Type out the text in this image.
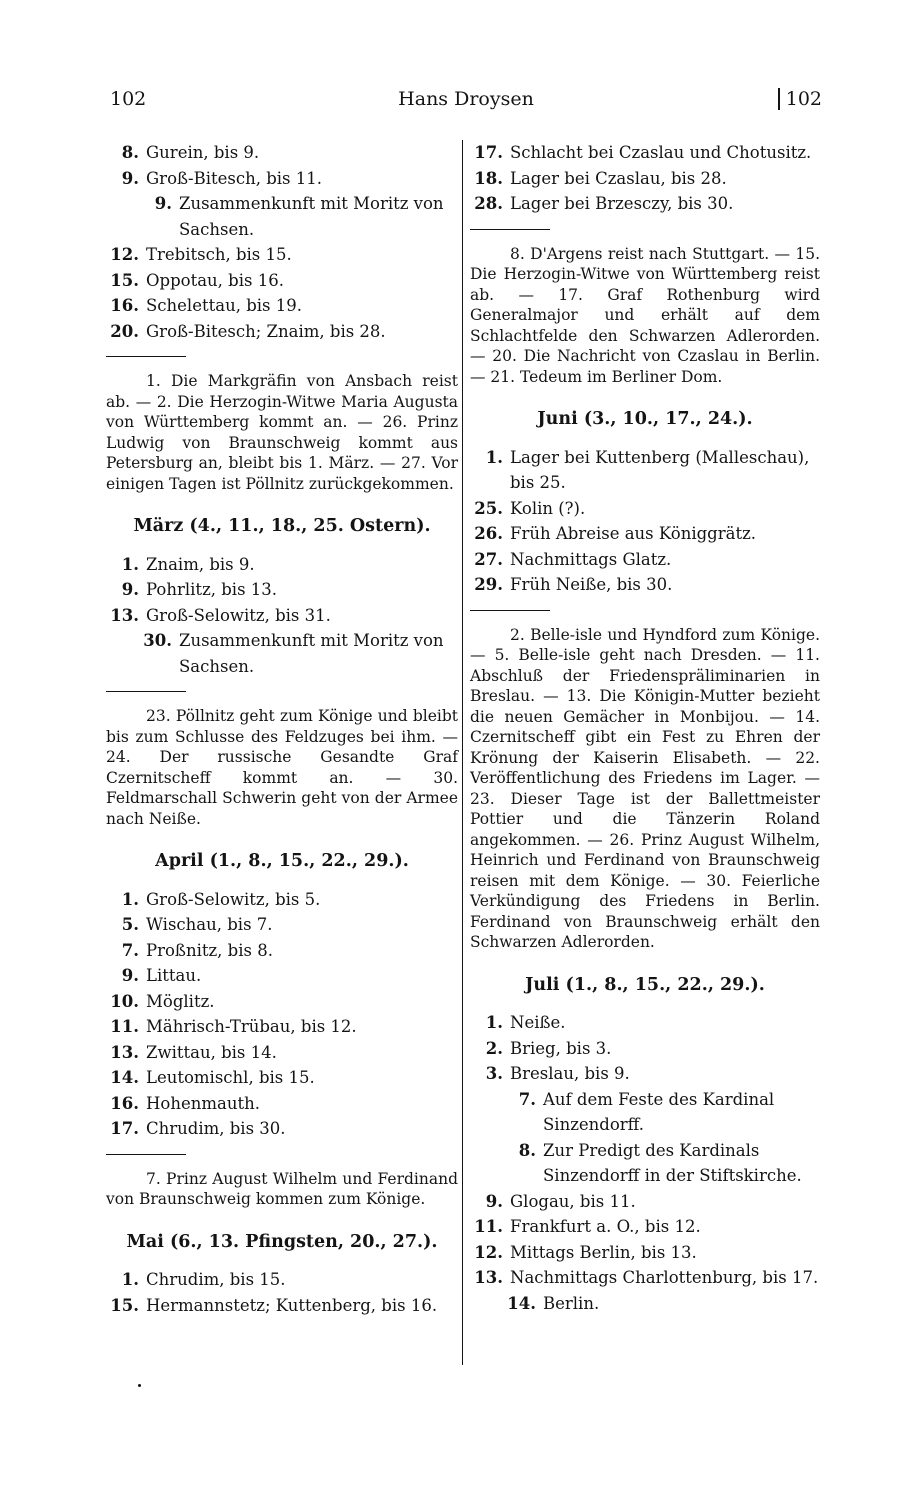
102	Hans Droysen	102
8. Gurein, bis 9.
9. Groß-Bitesch, bis 11.
9. Zusammenkunft mit Moritz von Sachsen.
12. Trebitsch, bis 15.
15. Oppotau, bis 16.
16. Schelettau, bis 19.
20. Groß-Bitesch; Znaim, bis 28.
1. Die Markgräfin von Ansbach reist ab. — 2. Die Herzogin-Witwe Maria Augusta von Württemberg kommt an. — 26. Prinz Ludwig von Braunschweig kommt aus Petersburg an, bleibt bis 1. März. — 27. Vor einigen Tagen ist Pöllnitz zurückgekommen.
März (4., 11., 18., 25. Ostern).
1. Znaim, bis 9.
9. Pohrlitz, bis 13.
13. Groß-Selowitz, bis 31.
30. Zusammenkunft mit Moritz von Sachsen.
23. Pöllnitz geht zum Könige und bleibt bis zum Schlusse des Feldzuges bei ihm. — 24. Der russische Gesandte Graf Czernitscheff kommt an. — 30. Feldmarschall Schwerin geht von der Armee nach Neiße.
April (1., 8., 15., 22., 29.).
1. Groß-Selowitz, bis 5.
5. Wischau, bis 7.
7. Proßnitz, bis 8.
9. Littau.
10. Möglitz.
11. Mährisch-Trübau, bis 12.
13. Zwittau, bis 14.
14. Leutomischl, bis 15.
16. Hohenmauth.
17. Chrudim, bis 30.
7. Prinz August Wilhelm und Ferdinand von Braunschweig kommen zum Könige.
Mai (6., 13. Pfingsten, 20., 27.).
1. Chrudim, bis 15.
15. Hermannstetz; Kuttenberg, bis 16.
17. Schlacht bei Czaslau und Chotusitz.
18. Lager bei Czaslau, bis 28.
28. Lager bei Brzesczy, bis 30.
8. D'Argens reist nach Stuttgart. — 15. Die Herzogin-Witwe von Württemberg reist ab. — 17. Graf Rothenburg wird Generalmajor und erhält auf dem Schlachtfelde den Schwarzen Adlerorden. — 20. Die Nachricht von Czaslau in Berlin. — 21. Tedeum im Berliner Dom.
Juni (3., 10., 17., 24.).
1. Lager bei Kuttenberg (Malleschau), bis 25.
25. Kolin (?).
26. Früh Abreise aus Königgrätz.
27. Nachmittags Glatz.
29. Früh Neiße, bis 30.
2. Belle-isle und Hyndford zum Könige. — 5. Belle-isle geht nach Dresden. — 11. Abschluß der Friedenspräliminarien in Breslau. — 13. Die Königin-Mutter bezieht die neuen Gemächer in Monbijou. — 14. Czernitscheff gibt ein Fest zu Ehren der Krönung der Kaiserin Elisabeth. — 22. Veröffentlichung des Friedens im Lager. — 23. Dieser Tage ist der Ballettmeister Pottier und die Tänzerin Roland angekommen. — 26. Prinz August Wilhelm, Heinrich und Ferdinand von Braunschweig reisen mit dem Könige. — 30. Feierliche Verkündigung des Friedens in Berlin. Ferdinand von Braunschweig erhält den Schwarzen Adlerorden.
Juli (1., 8., 15., 22., 29.).
1. Neiße.
2. Brieg, bis 3.
3. Breslau, bis 9.
7. Auf dem Feste des Kardinal Sinzendorff.
8. Zur Predigt des Kardinals Sinzendorff in der Stiftskirche.
9. Glogau, bis 11.
11. Frankfurt a. O., bis 12.
12. Mittags Berlin, bis 13.
13. Nachmittags Charlottenburg, bis 17.
14. Berlin.
